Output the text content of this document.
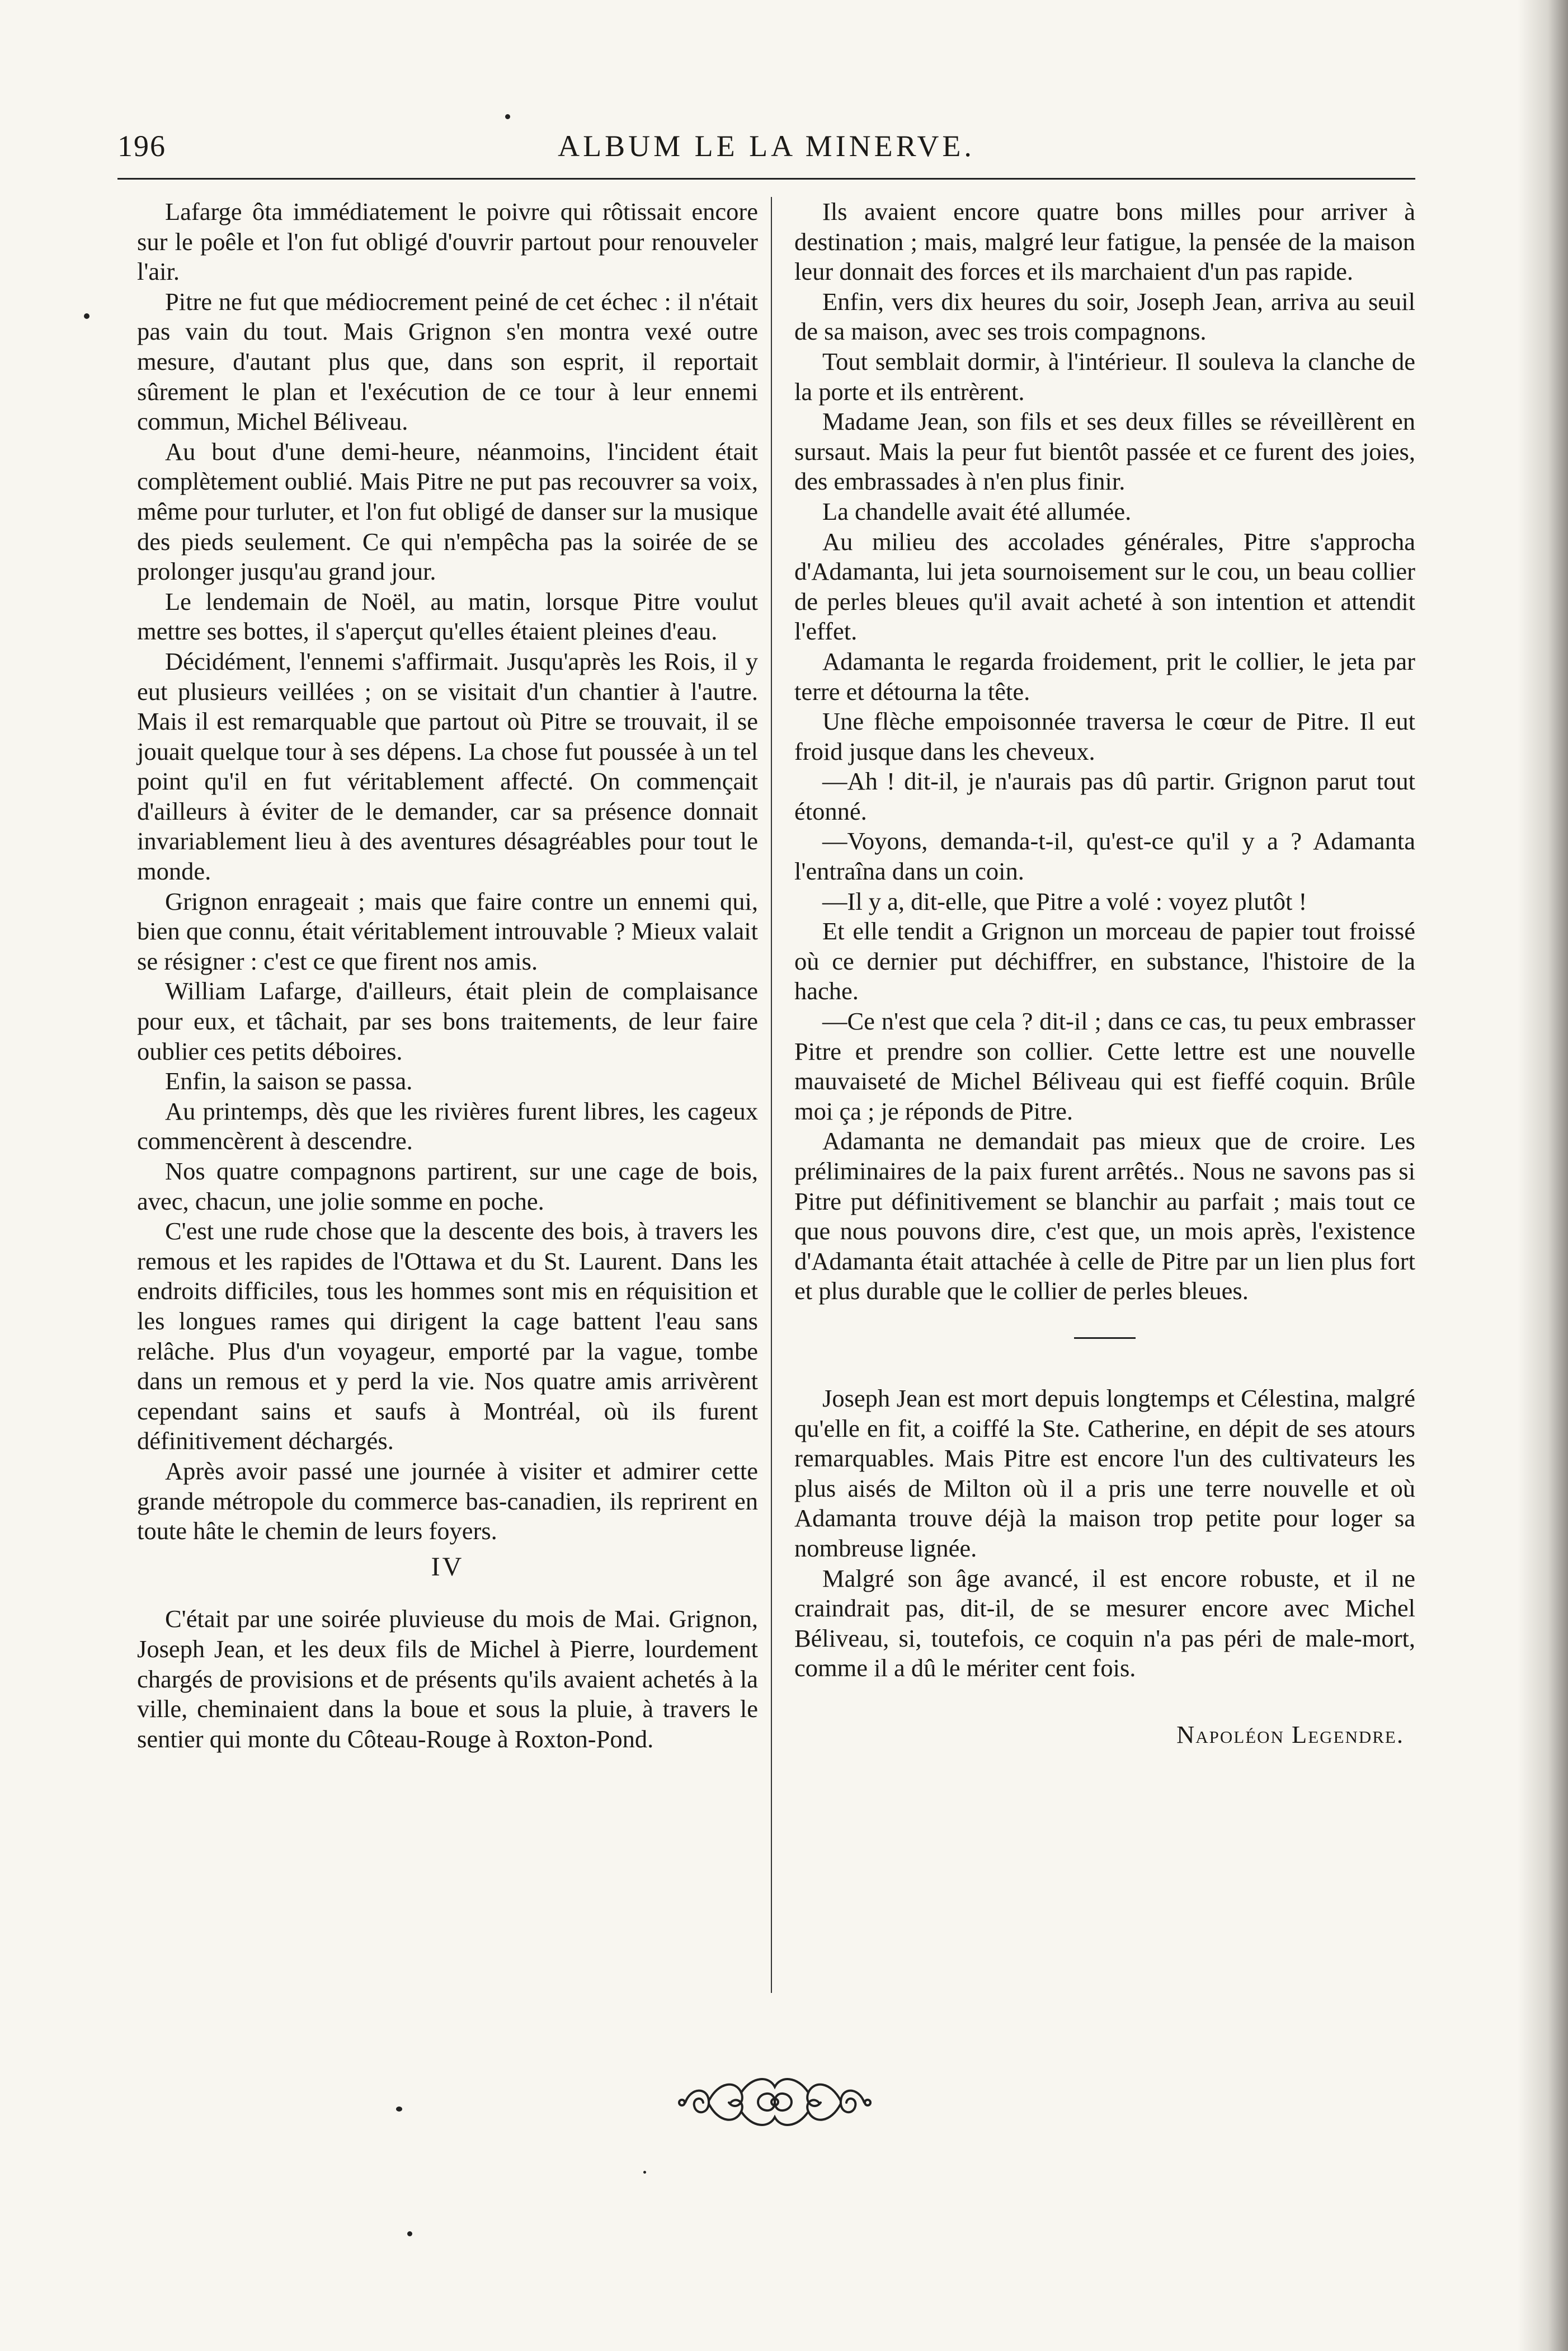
196	ALBUM LE LA MINERVE.

Lafarge ôta immédiatement le poivre qui rôtissait encore sur le poêle et l'on fut obligé d'ouvrir partout pour renouveler l'air.

Pitre ne fut que médiocrement peiné de cet échec : il n'était pas vain du tout. Mais Grignon s'en montra vexé outre mesure, d'autant plus que, dans son esprit, il reportait sûrement le plan et l'exécution de ce tour à leur ennemi commun, Michel Béliveau.

Au bout d'une demi-heure, néanmoins, l'incident était complètement oublié. Mais Pitre ne put pas recouvrer sa voix, même pour turluter, et l'on fut obligé de danser sur la musique des pieds seulement. Ce qui n'empêcha pas la soirée de se prolonger jusqu'au grand jour.

Le lendemain de Noël, au matin, lorsque Pitre voulut mettre ses bottes, il s'aperçut qu'elles étaient pleines d'eau.

Décidément, l'ennemi s'affirmait. Jusqu'après les Rois, il y eut plusieurs veillées ; on se visitait d'un chantier à l'autre. Mais il est remarquable que partout où Pitre se trouvait, il se jouait quelque tour à ses dépens. La chose fut poussée à un tel point qu'il en fut véritablement affecté. On commençait d'ailleurs à éviter de le demander, car sa présence donnait invariablement lieu à des aventures désagréables pour tout le monde.

Grignon enrageait ; mais que faire contre un ennemi qui, bien que connu, était véritablement introuvable ? Mieux valait se résigner : c'est ce que firent nos amis.

William Lafarge, d'ailleurs, était plein de complaisance pour eux, et tâchait, par ses bons traitements, de leur faire oublier ces petits déboires.

Enfin, la saison se passa.

Au printemps, dès que les rivières furent libres, les cageux commencèrent à descendre.

Nos quatre compagnons partirent, sur une cage de bois, avec, chacun, une jolie somme en poche.

C'est une rude chose que la descente des bois, à travers les remous et les rapides de l'Ottawa et du St. Laurent. Dans les endroits difficiles, tous les hommes sont mis en réquisition et les longues rames qui dirigent la cage battent l'eau sans relâche. Plus d'un voyageur, emporté par la vague, tombe dans un remous et y perd la vie. Nos quatre amis arrivèrent cependant sains et saufs à Montréal, où ils furent définitivement déchargés.

Après avoir passé une journée à visiter et admirer cette grande métropole du commerce bas-canadien, ils reprirent en toute hâte le chemin de leurs foyers.

IV

C'était par une soirée pluvieuse du mois de Mai. Grignon, Joseph Jean, et les deux fils de Michel à Pierre, lourdement chargés de provisions et de présents qu'ils avaient achetés à la ville, cheminaient dans la boue et sous la pluie, à travers le sentier qui monte du Côteau-Rouge à Roxton-Pond.

Ils avaient encore quatre bons milles pour arriver à destination ; mais, malgré leur fatigue, la pensée de la maison leur donnait des forces et ils marchaient d'un pas rapide.

Enfin, vers dix heures du soir, Joseph Jean, arriva au seuil de sa maison, avec ses trois compagnons.

Tout semblait dormir, à l'intérieur. Il souleva la clanche de la porte et ils entrèrent.

Madame Jean, son fils et ses deux filles se réveillèrent en sursaut. Mais la peur fut bientôt passée et ce furent des joies, des embrassades à n'en plus finir.

La chandelle avait été allumée.

Au milieu des accolades générales, Pitre s'approcha d'Adamanta, lui jeta sournoisement sur le cou, un beau collier de perles bleues qu'il avait acheté à son intention et attendit l'effet.

Adamanta le regarda froidement, prit le collier, le jeta par terre et détourna la tête.

Une flèche empoisonnée traversa le cœur de Pitre. Il eut froid jusque dans les cheveux.

—Ah ! dit-il, je n'aurais pas dû partir. Grignon parut tout étonné.

—Voyons, demanda-t-il, qu'est-ce qu'il y a ? Adamanta l'entraîna dans un coin.

—Il y a, dit-elle, que Pitre a volé : voyez plutôt !

Et elle tendit a Grignon un morceau de papier tout froissé où ce dernier put déchiffrer, en substance, l'histoire de la hache.

—Ce n'est que cela ? dit-il ; dans ce cas, tu peux embrasser Pitre et prendre son collier. Cette lettre est une nouvelle mauvaiseté de Michel Béliveau qui est fieffé coquin. Brûle moi ça ; je réponds de Pitre.

Adamanta ne demandait pas mieux que de croire. Les préliminaires de la paix furent arrêtés.. Nous ne savons pas si Pitre put définitivement se blanchir au parfait ; mais tout ce que nous pouvons dire, c'est que, un mois après, l'existence d'Adamanta était attachée à celle de Pitre par un lien plus fort et plus durable que le collier de perles bleues.

Joseph Jean est mort depuis longtemps et Célestina, malgré qu'elle en fit, a coiffé la Ste. Catherine, en dépit de ses atours remarquables. Mais Pitre est encore l'un des cultivateurs les plus aisés de Milton où il a pris une terre nouvelle et où Adamanta trouve déjà la maison trop petite pour loger sa nombreuse lignée.

Malgré son âge avancé, il est encore robuste, et il ne craindrait pas, dit-il, de se mesurer encore avec Michel Béliveau, si, toutefois, ce coquin n'a pas péri de male-mort, comme il a dû le mériter cent fois.

Napoléon Legendre.
